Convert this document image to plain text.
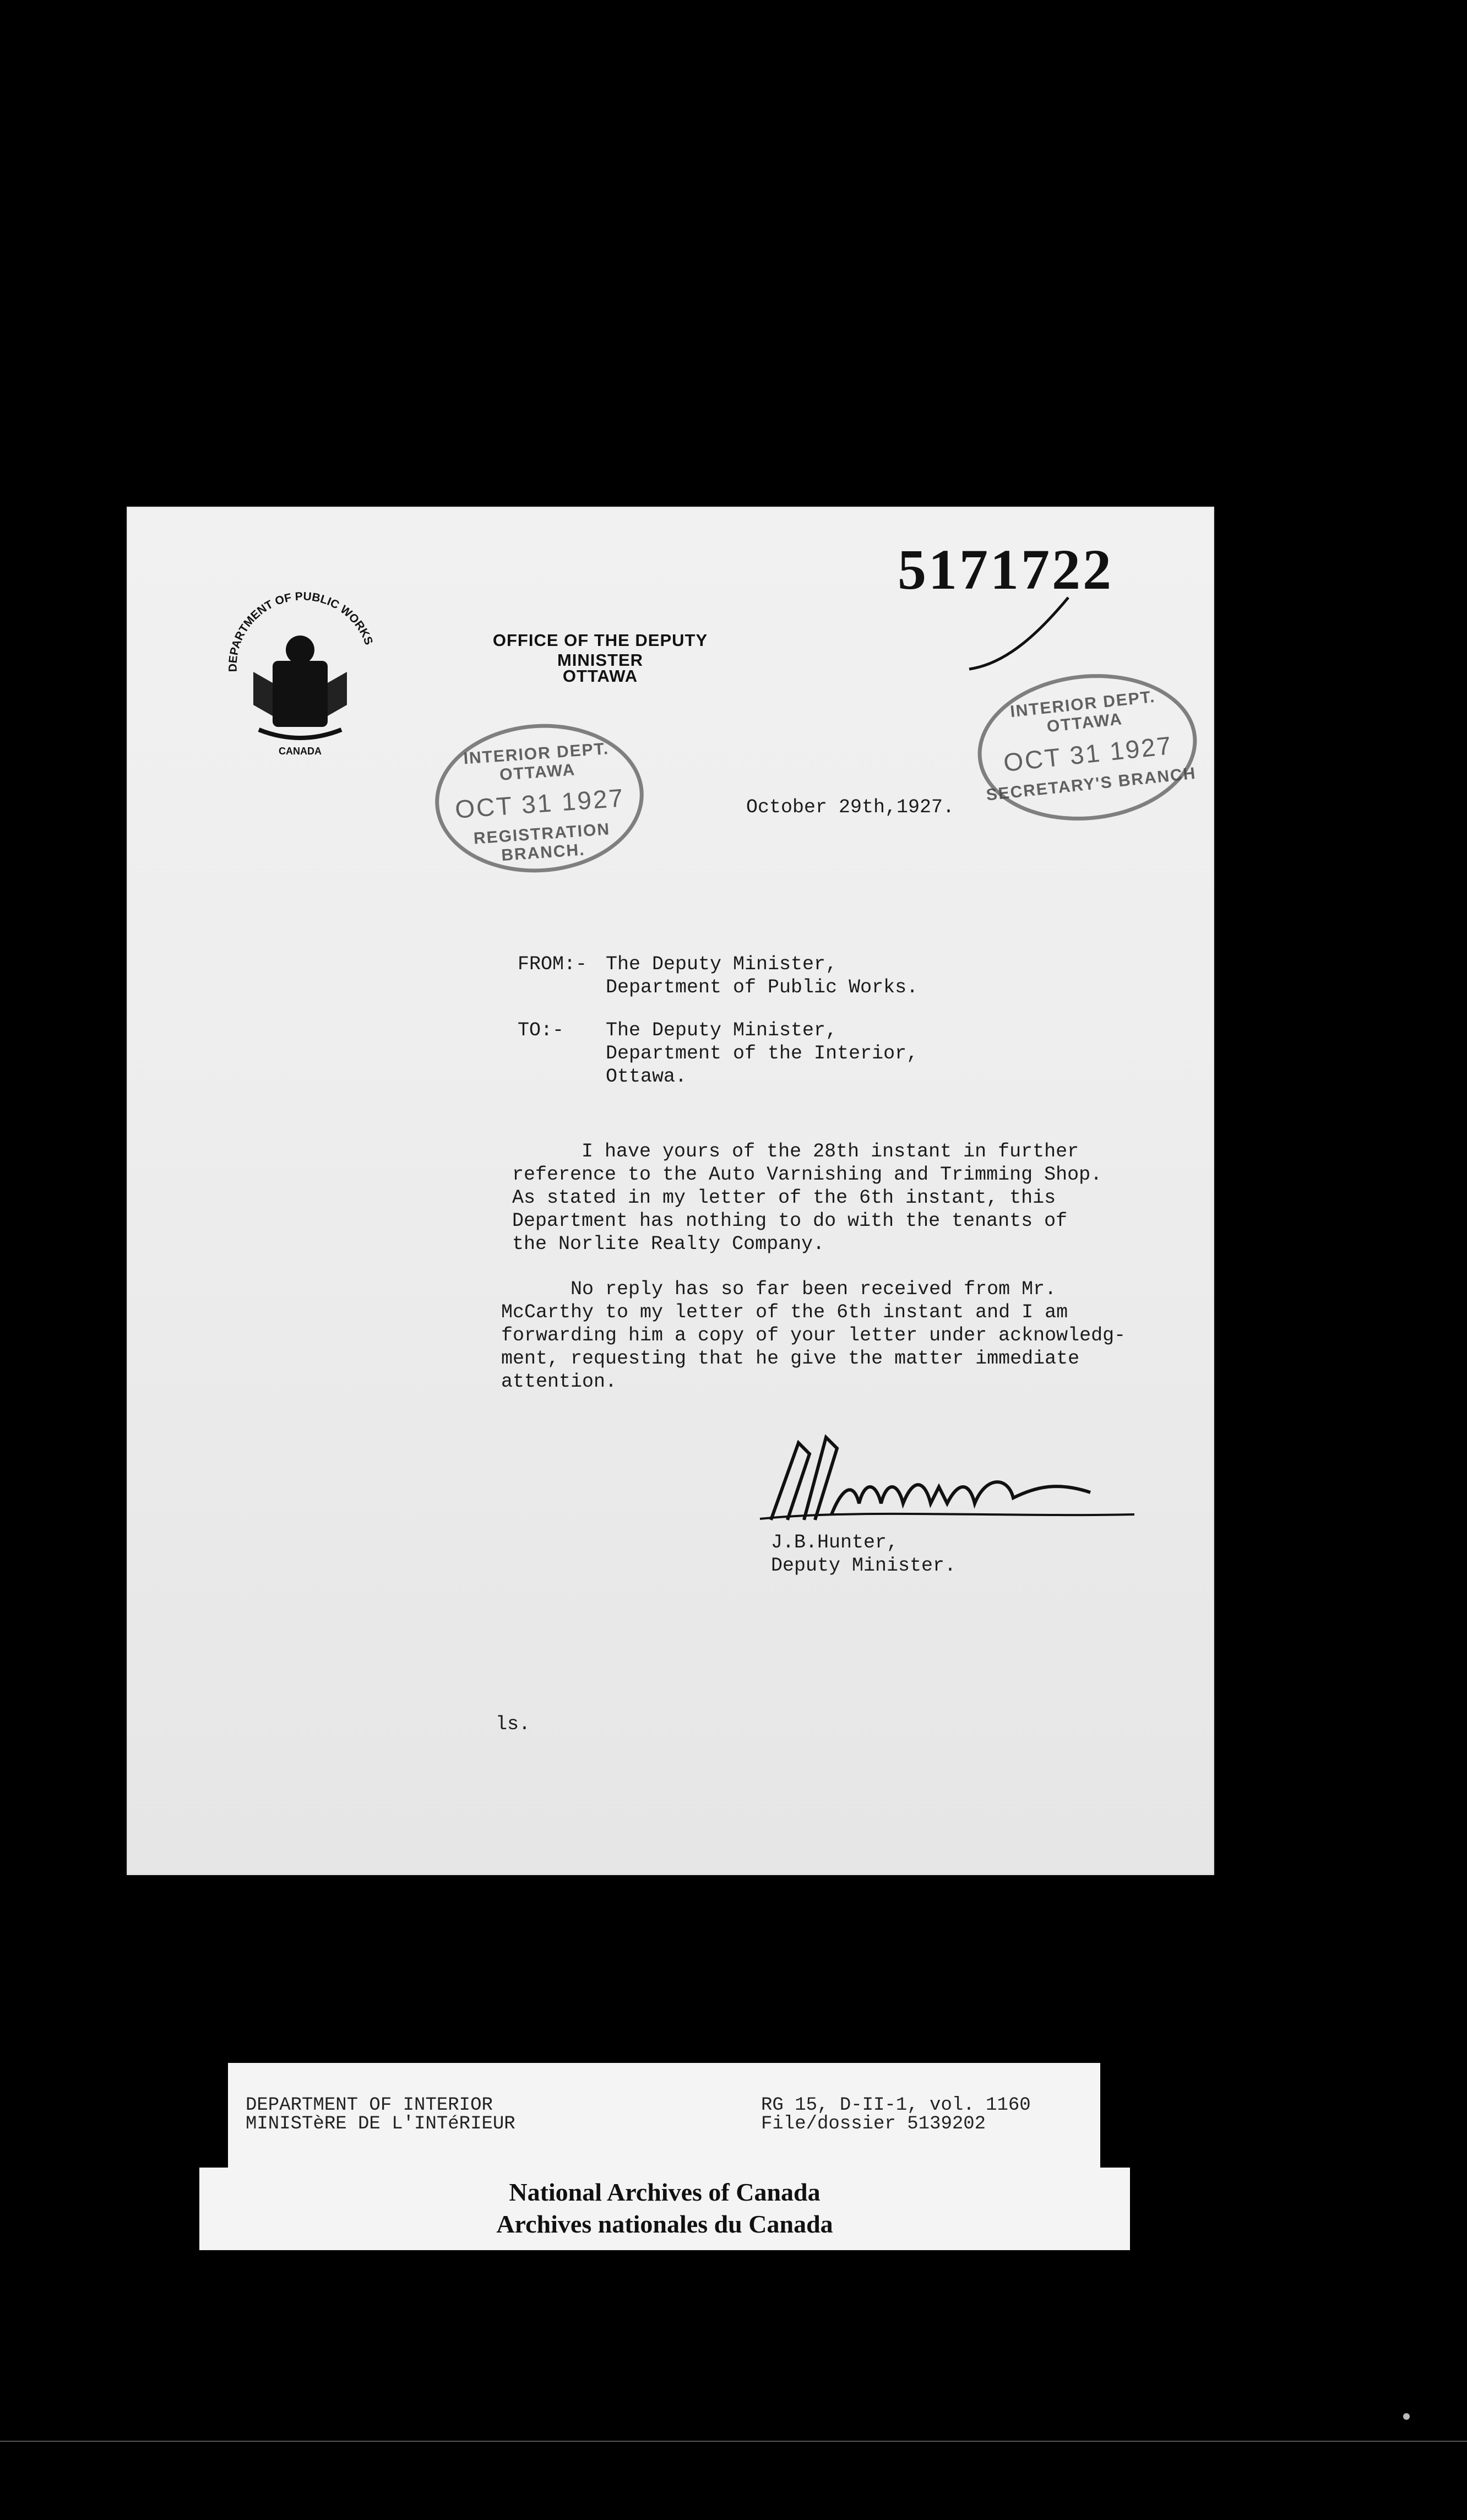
5171722
DEPARTMENT OF PUBLIC WORKS
CANADA
OFFICE OF THE DEPUTY MINISTER
OTTAWA
INTERIOR DEPT. OTTAWA
OCT 31 1927
REGISTRATION BRANCH.
INTERIOR DEPT. OTTAWA
OCT 31 1927
SECRETARY'S BRANCH
October 29th,1927.
FROM:- The Deputy Minister,
Department of Public Works.
TO:- The Deputy Minister,
Department of the Interior,
Ottawa.
I have yours of the 28th instant in further
reference to the Auto Varnishing and Trimming Shop.
As stated in my letter of the 6th instant, this
Department has nothing to do with the tenants of
the Norlite Realty Company.
No reply has so far been received from Mr.
McCarthy to my letter of the 6th instant and I am
forwarding him a copy of your letter under acknowledg-
ment, requesting that he give the matter immediate
attention.
J.B.Hunter,
Deputy Minister.
ls.
DEPARTMENT OF INTERIOR
MINISTèRE DE L'INTéRIEUR
RG 15, D-II-1, vol. 1160
File/dossier 5139202
National Archives of Canada
Archives nationales du Canada
